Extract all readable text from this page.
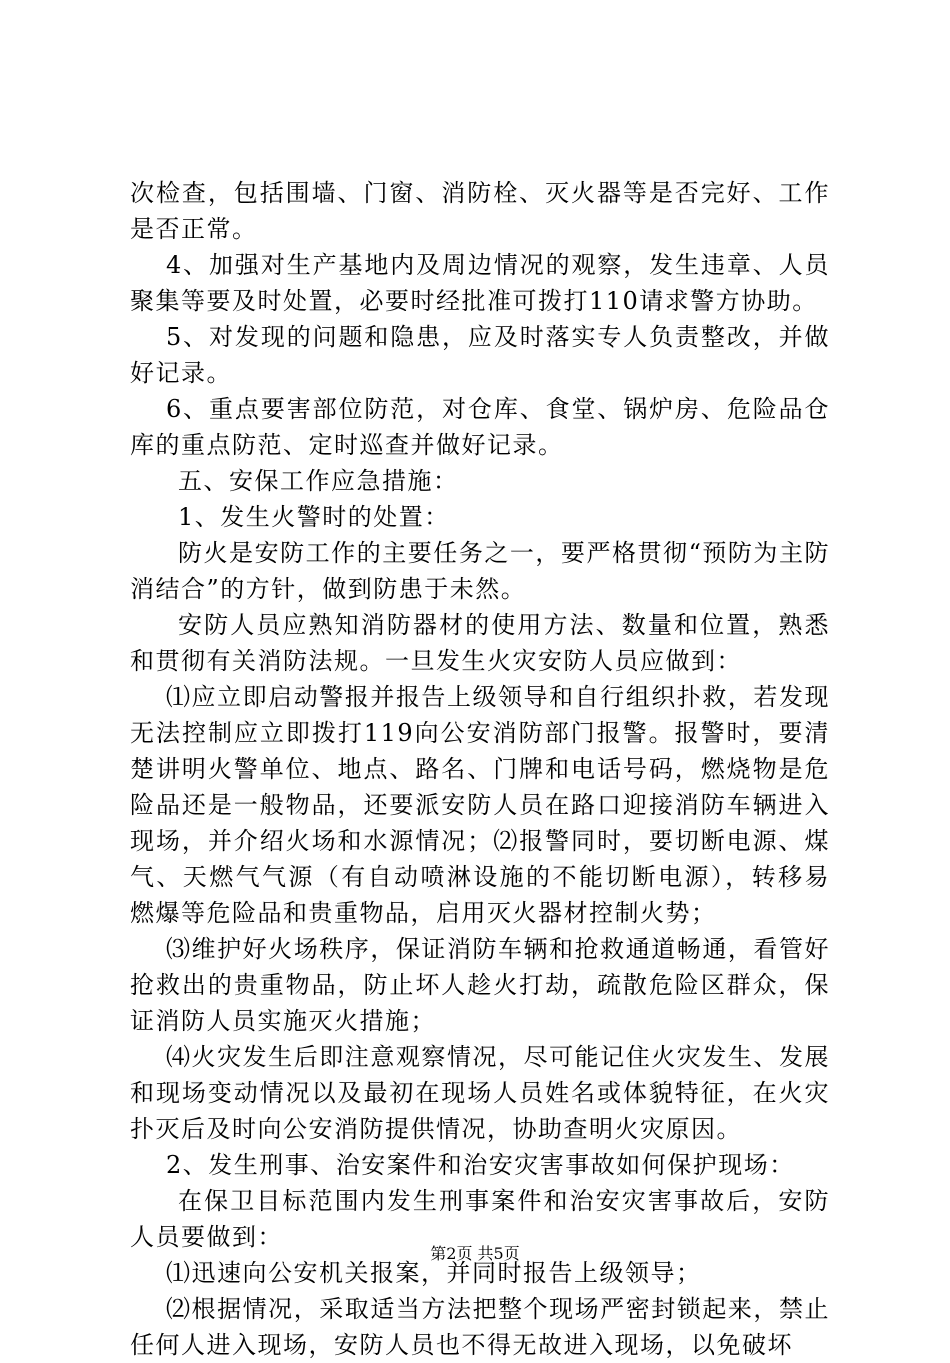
次检查，包括围墙、门窗、消防栓、灭火器等是否完好、工作是否正常。

4、加强对生产基地内及周边情况的观察，发生违章、人员聚集等要及时处置，必要时经批准可拨打110请求警方协助。

5、对发现的问题和隐患，应及时落实专人负责整改，并做好记录。

6、重点要害部位防范，对仓库、食堂、锅炉房、危险品仓库的重点防范、定时巡查并做好记录。

五、安保工作应急措施：

1、发生火警时的处置：

防火是安防工作的主要任务之一，要严格贯彻“预防为主防消结合”的方针，做到防患于未然。

安防人员应熟知消防器材的使用方法、数量和位置，熟悉和贯彻有关消防法规。一旦发生火灾安防人员应做到：

⑴应立即启动警报并报告上级领导和自行组织扑救，若发现无法控制应立即拨打119向公安消防部门报警。报警时，要清楚讲明火警单位、地点、路名、门牌和电话号码，燃烧物是危险品还是一般物品，还要派安防人员在路口迎接消防车辆进入现场，并介绍火场和水源情况；⑵报警同时，要切断电源、煤气、天燃气气源（有自动喷淋设施的不能切断电源），转移易燃爆等危险品和贵重物品，启用灭火器材控制火势；

⑶维护好火场秩序，保证消防车辆和抢救通道畅通，看管好抢救出的贵重物品，防止坏人趁火打劫，疏散危险区群众，保证消防人员实施灭火措施；

⑷火灾发生后即注意观察情况，尽可能记住火灾发生、发展和现场变动情况以及最初在现场人员姓名或体貌特征，在火灾扑灭后及时向公安消防提供情况，协助查明火灾原因。

2、发生刑事、治安案件和治安灾害事故如何保护现场：

在保卫目标范围内发生刑事案件和治安灾害事故后，安防人员要做到：

⑴迅速向公安机关报案，并同时报告上级领导；

⑵根据情况，采取适当方法把整个现场严密封锁起来，禁止任何人进入现场，安防人员也不得无故进入现场，以免破坏

第2页 共5页
